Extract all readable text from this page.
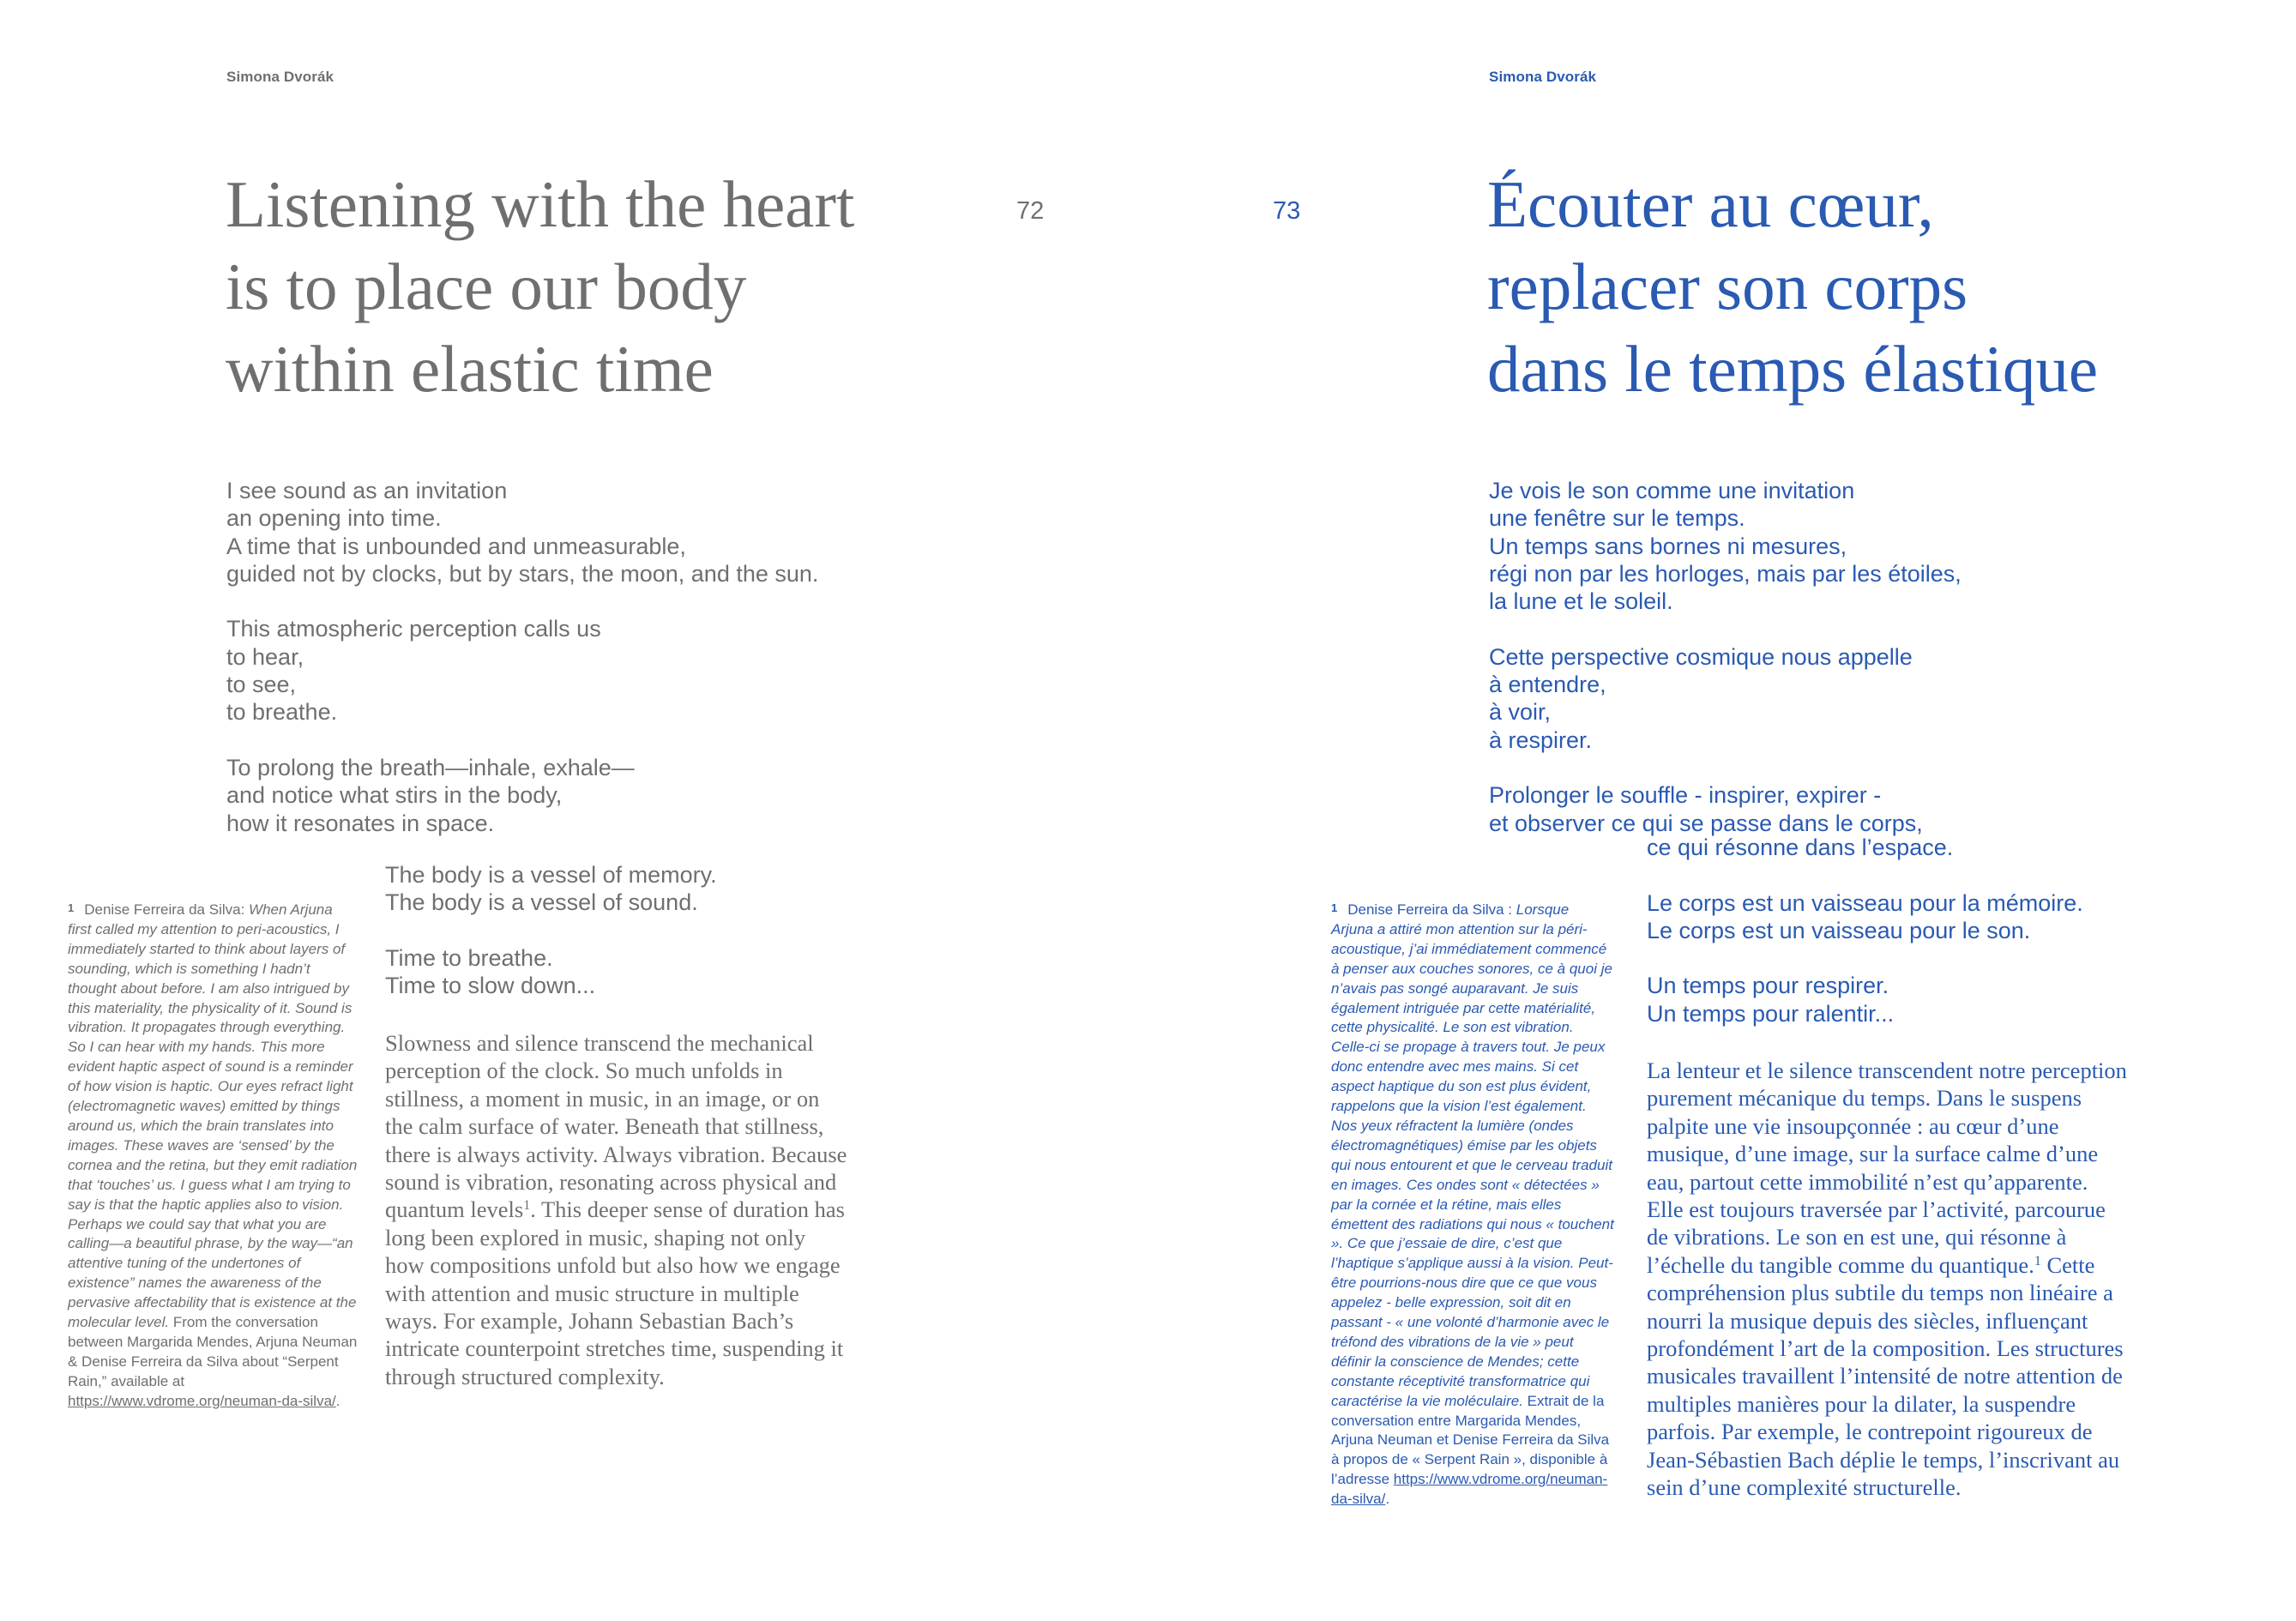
Simona Dvorák
72
Listening with the heart
is to place our body
within elastic time
I see sound as an invitation
an opening into time.
A time that is unbounded and unmeasurable,
guided not by clocks, but by stars, the moon, and the sun.

This atmospheric perception calls us
to hear,
to see,
to breathe.

To prolong the breath—inhale, exhale—
and notice what stirs in the body,
how it resonates in space.
The body is a vessel of memory.
The body is a vessel of sound.

Time to breathe.
Time to slow down...

Slowness and silence transcend the mechanical perception of the clock. So much unfolds in stillness, a moment in music, in an image, or on the calm surface of water. Beneath that stillness, there is always activity. Always vibration. Because sound is vibration, resonating across physical and quantum levels$^1$. This deeper sense of duration has long been explored in music, shaping not only how compositions unfold but also how we engage with attention and music structure in multiple ways. For example, Johann Sebastian Bach’s intricate counterpoint stretches time, suspending it through structured complexity.

1 Denise Ferreira da Silva: When Arjuna first called my attention to peri-acoustics, I immediately started to think about layers of sounding, which is something I hadn’t thought about before. I am also intrigued by this materiality, the physicality of it. Sound is vibration. It propagates through everything. So I can hear with my hands. This more evident haptic aspect of sound is a reminder of how vision is haptic. Our eyes refract light (electromagnetic waves) emitted by things around us, which the brain translates into images. These waves are ‘sensed’ by the cornea and the retina, but they emit radiation that ‘touches’ us. I guess what I am trying to say is that the haptic applies also to vision. Perhaps we could say that what you are calling—a beautiful phrase, by the way—“an attentive tuning of the undertones of existence” names the awareness of the pervasive affectability that is existence at the molecular level. From the conversation between Margarida Mendes, Arjuna Neuman & Denise Ferreira da Silva about “Serpent Rain,” available at https://www.vdrome.org/neuman-da-silva/.

Simona Dvorák
73	Écouter au cœur,
replacer son corps
dans le temps élastique
Je vois le son comme une invitation
une fenêtre sur le temps.
Un temps sans bornes ni mesures,
régi non par les horloges, mais par les étoiles,
la lune et le soleil.

Cette perspective cosmique nous appelle
à entendre,
à voir,
à respirer.

Prolonger le souffle - inspirer, expirer -
et observer ce qui se passe dans le corps,
ce qui résonne dans l’espace.

Le corps est un vaisseau pour la mémoire.
Le corps est un vaisseau pour le son.

Un temps pour respirer.
Un temps pour ralentir...

La lenteur et le silence transcendent notre perception purement mécanique du temps. Dans le suspens palpite une vie insoupçonnée : au cœur d’une musique, d’une image, sur la surface calme d’une eau, partout cette immobilité n’est qu’apparente. Elle est toujours traversée par l’activité, parcourue de vibrations. Le son en est une, qui résonne à l’échelle du tangible comme du quantique.$^1$ Cette compréhension plus subtile du temps non linéaire a nourri la musique depuis des siècles, influençant profondément l’art de la composition. Les structures musicales travaillent l’intensité de notre attention de multiples manières pour la dilater, la suspendre parfois. Par exemple, le contrepoint rigoureux de Jean-Sébastien Bach déplie le temps, l’inscrivant au sein d’une complexité structurelle.

1 Denise Ferreira da Silva : Lorsque Arjuna a attiré mon attention sur la péri-acoustique, j’ai immédiatement commencé à penser aux couches sonores, ce à quoi je n’avais pas songé auparavant. Je suis également intriguée par cette matérialité, cette physicalité. Le son est vibration. Celle-ci se propage à travers tout. Je peux donc entendre avec mes mains. Si cet aspect haptique du son est plus évident, rappelons que la vision l’est également. Nos yeux réfractent la lumière (ondes électromagnétiques) émise par les objets qui nous entourent et que le cerveau traduit en images. Ces ondes sont « détectées » par la cornée et la rétine, mais elles émettent des radiations qui nous « touchent ». Ce que j’essaie de dire, c’est que l’haptique s’applique aussi à la vision. Peut-être pourrions-nous dire que ce que vous appelez - belle expression, soit dit en passant - « une volonté d’harmonie avec le tréfond des vibrations de la vie » peut définir la conscience de Mendes; cette constante réceptivité transformatrice qui caractérise la vie moléculaire. Extrait de la conversation entre Margarida Mendes, Arjuna Neuman et Denise Ferreira da Silva à propos de « Serpent Rain », disponible à l’adresse https://www.vdrome.org/neuman-da-silva/.
